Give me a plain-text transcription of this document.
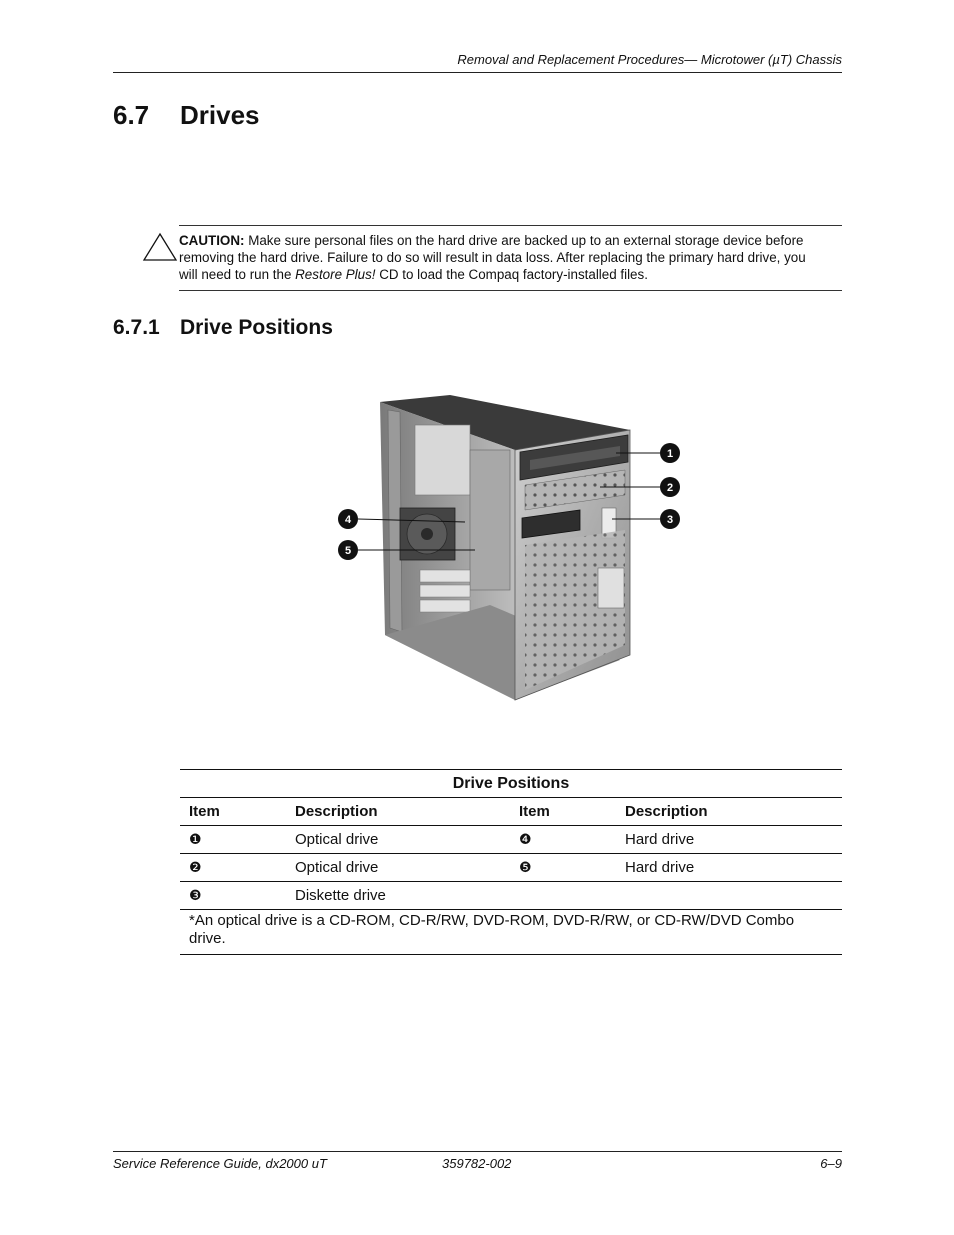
Removal and Replacement Procedures— Microtower (µT) Chassis
6.7 Drives
CAUTION: Make sure personal files on the hard drive are backed up to an external storage device before removing the hard drive. Failure to do so will result in data loss. After replacing the primary hard drive, you will need to run the Restore Plus! CD to load the Compaq factory-installed files.
6.7.1 Drive Positions
1
2
3
4
5
Drive Positions			
Item	Description	Item	Description
❶	Optical drive	❹	Hard drive
❷	Optical drive	❺	Hard drive
❸	Diskette drive		
*An optical drive is a CD-ROM, CD-R/RW, DVD-ROM, DVD-R/RW, or CD-RW/DVD Combo drive.			
Service Reference Guide, dx2000 uT	359782-002	6–9
